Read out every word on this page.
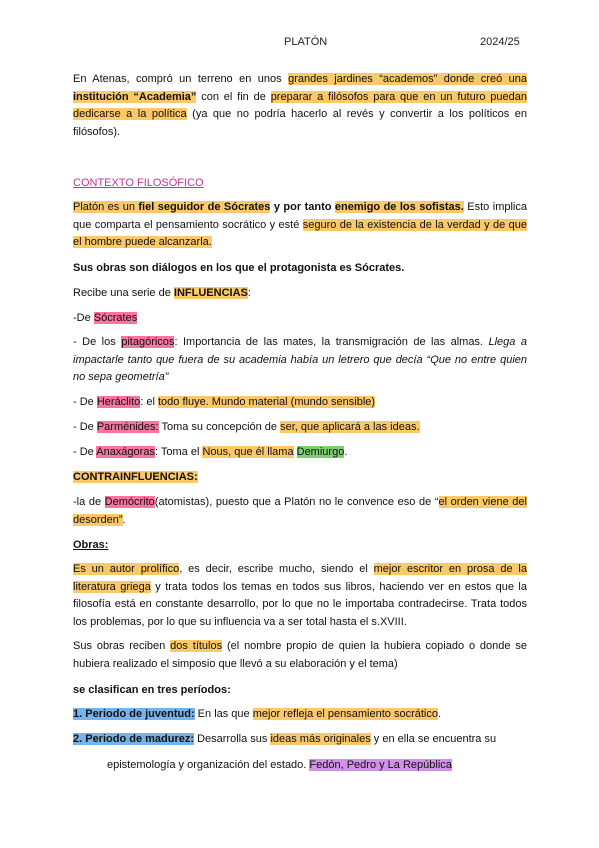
PLATÓN	2024/25
En Atenas, compró un terreno en unos grandes jardines “academos” donde creó una institución “Academia” con el fin de preparar a filósofos para que en un futuro puedan dedicarse a la política (ya que no podría hacerlo al revés y convertir a los políticos en filósofos).
CONTEXTO FILOSÓFICO
Platón es un fiel seguidor de Sócrates y por tanto enemigo de los sofistas. Esto implica que comparta el pensamiento socrático y esté seguro de la existencia de la verdad y de que el hombre puede alcanzarla.
Sus obras son diálogos en los que el protagonista es Sócrates.
Recibe una serie de INFLUENCIAS:
-De Sócrates
- De los pitagóricos: Importancia de las mates, la transmigración de las almas. Llega a impactarle tanto que fuera de su academia había un letrero que decía “Que no entre quien no sepa geometría”
- De Heráclito: el todo fluye. Mundo material (mundo sensible)
- De Parménides: Toma su concepción de ser, que aplicará a las ideas.
- De Anaxágoras: Toma el Nous, que él llama Demiurgo.
CONTRAINFLUENCIAS:
-la de Demócrito(atomistas), puesto que a Platón no le convence eso de “el orden viene del desorden”.
Obras:
Es un autor prolífico, es decir, escribe mucho, siendo el mejor escritor en prosa de la literatura griega y trata todos los temas en todos sus libros, haciendo ver en estos que la filosofía está en constante desarrollo, por lo que no le importaba contradecirse. Trata todos los problemas, por lo que su influencia va a ser total hasta el s.XVIII.
Sus obras reciben dos títulos (el nombre propio de quien la hubiera copiado o donde se hubiera realizado el simposio que llevó a su elaboración y el tema)
se clasifican en tres períodos:
1. Periodo de juventud: En las que mejor refleja el pensamiento socrático.
2. Periodo de madurez: Desarrolla sus ideas más originales y en ella se encuentra su
epistemología y organización del estado. Fedón, Pedro y La República
